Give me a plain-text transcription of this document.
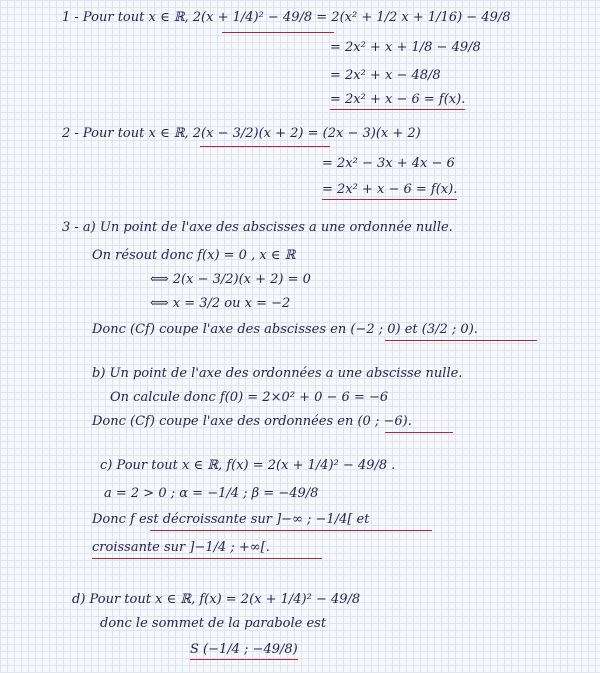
1 - Pour tout x ∈ ℝ, 2(x + 1/4)² − 49/8 = 2(x² + 1/2 x + 1/16) − 49/8
= 2x² + x + 1/8 − 49/8
= 2x² + x − 48/8
= 2x² + x − 6 = f(x).
2 - Pour tout x ∈ ℝ, 2(x − 3/2)(x + 2) = (2x − 3)(x + 2)
= 2x² − 3x + 4x − 6
= 2x² + x − 6 = f(x).
3 - a) Un point de l'axe des abscisses a une ordonnée nulle.
On résout donc f(x) = 0 , x ∈ ℝ
⟺ 2(x − 3/2)(x + 2) = 0
⟺ x = 3/2 ou x = −2
Donc (Cf) coupe l'axe des abscisses en (−2 ; 0) et (3/2 ; 0).
b) Un point de l'axe des ordonnées a une abscisse nulle.
On calcule donc f(0) = 2×0² + 0 − 6 = −6
Donc (Cf) coupe l'axe des ordonnées en (0 ; −6).
c) Pour tout x ∈ ℝ, f(x) = 2(x + 1/4)² − 49/8 .
a = 2 > 0 ; α = −1/4 ; β = −49/8
Donc f est décroissante sur ]−∞ ; −1/4[ et
croissante sur ]−1/4 ; +∞[.
d) Pour tout x ∈ ℝ, f(x) = 2(x + 1/4)² − 49/8
donc le sommet de la parabole est
S (−1/4 ; −49/8)
